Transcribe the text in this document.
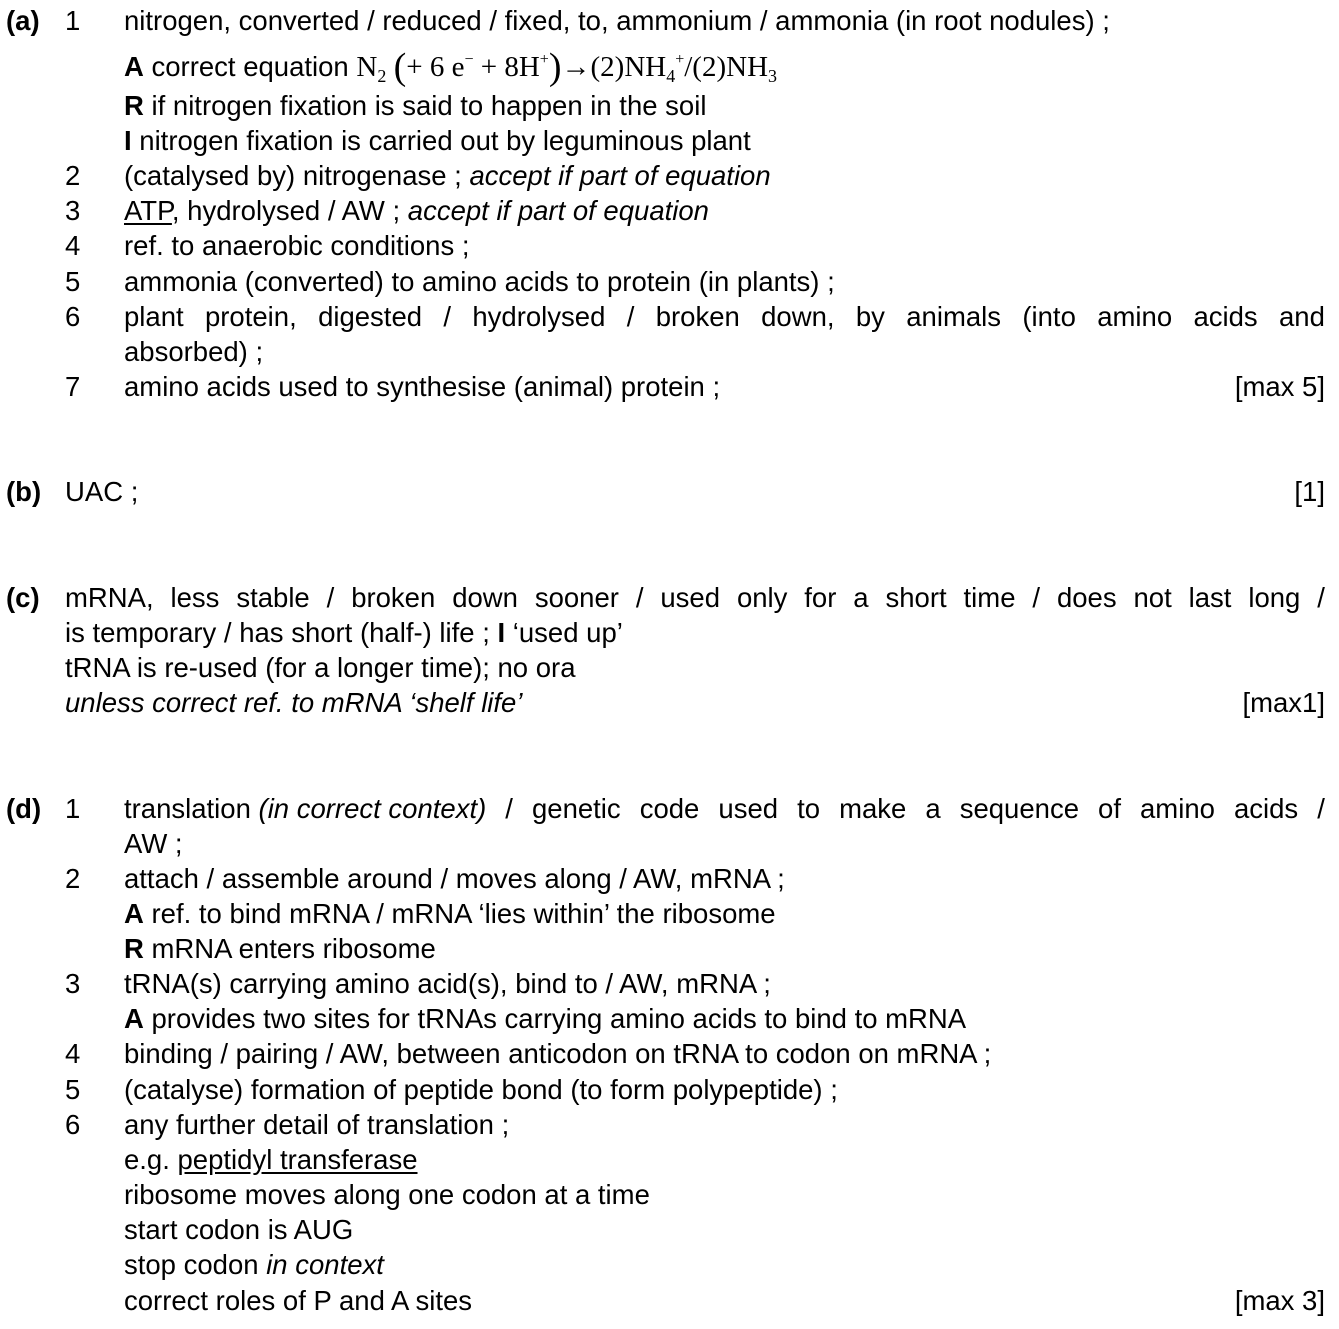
(a) 1 nitrogen, converted / reduced / fixed, to, ammonium / ammonia (in root nodules) ;
A correct equation $N_2$ (+ 6 $e^- + 8H^+)\to(2)NH_4^+/(2)NH_3$
R if nitrogen fixation is said to happen in the soil
I nitrogen fixation is carried out by leguminous plant
2 (catalysed by) nitrogenase ; accept if part of equation
3 ATP, hydrolysed / AW ; accept if part of equation
4 ref. to anaerobic conditions ;
5 ammonia (converted) to amino acids to protein (in plants) ;
6 plant protein, digested / hydrolysed / broken down, by animals (into amino acids and
absorbed) ;
7 amino acids used to synthesise (animal) protein ;	[max 5]
(b) UAC ;	[1]
(c) mRNA, less stable / broken down sooner / used only for a short time / does not last long /
is temporary / has short (half-) life ; I ‘used up’
tRNA is re-used (for a longer time); no ora
unless correct ref. to mRNA ‘shelf life’	[max1]
(d) 1 translation (in correct context) / genetic code used to make a sequence of amino acids /
AW ;
2 attach / assemble around / moves along / AW, mRNA ;
A ref. to bind mRNA / mRNA ‘lies within’ the ribosome
R mRNA enters ribosome
3 tRNA(s) carrying amino acid(s), bind to / AW, mRNA ;
A provides two sites for tRNAs carrying amino acids to bind to mRNA
4 binding / pairing / AW, between anticodon on tRNA to codon on mRNA ;
5 (catalyse) formation of peptide bond (to form polypeptide) ;
6 any further detail of translation ;
e.g. peptidyl transferase
ribosome moves along one codon at a time
start codon is AUG
stop codon in context
correct roles of P and A sites	[max 3]
